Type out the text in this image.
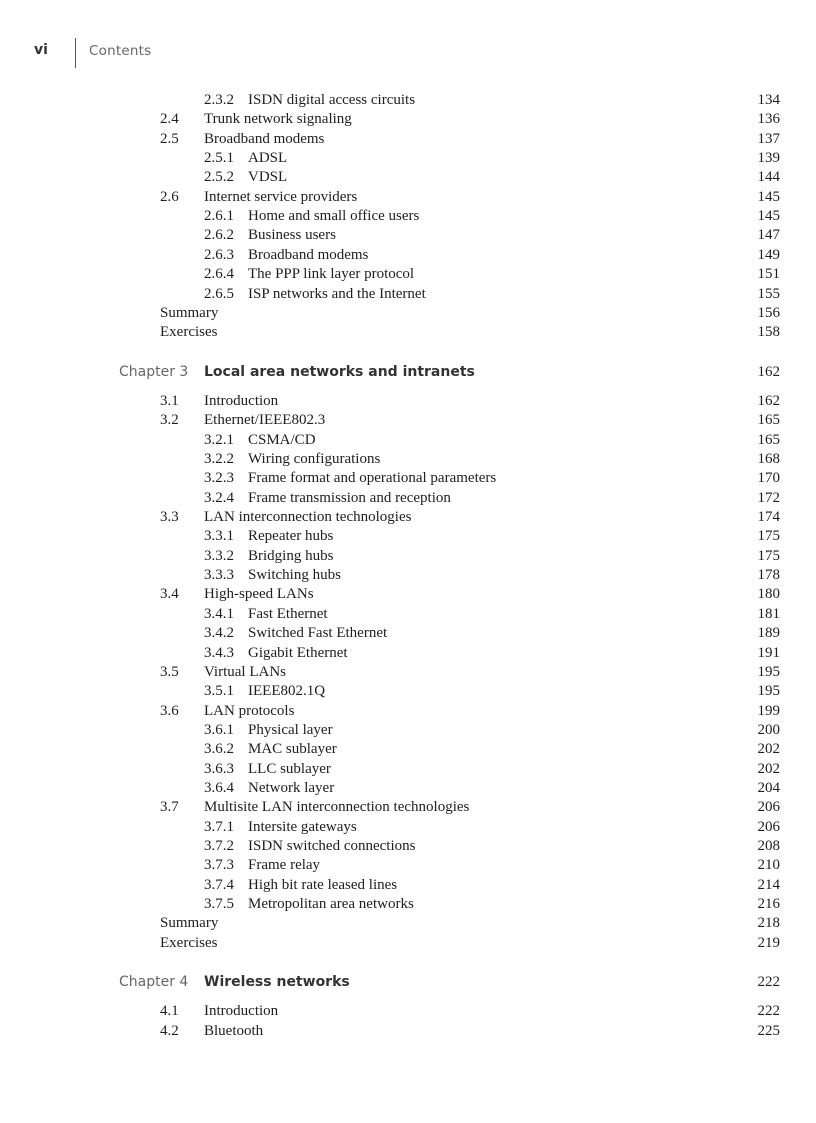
vi	Contents
2.3.2 ISDN digital access circuits	134
2.4 Trunk network signaling	136
2.5 Broadband modems	137
2.5.1 ADSL	139
2.5.2 VDSL	144
2.6 Internet service providers	145
2.6.1 Home and small office users	145
2.6.2 Business users	147
2.6.3 Broadband modems	149
2.6.4 The PPP link layer protocol	151
2.6.5 ISP networks and the Internet	155
Summary	156
Exercises	158
Chapter 3 Local area networks and intranets	162
3.1 Introduction	162
3.2 Ethernet/IEEE802.3	165
3.2.1 CSMA/CD	165
3.2.2 Wiring configurations	168
3.2.3 Frame format and operational parameters	170
3.2.4 Frame transmission and reception	172
3.3 LAN interconnection technologies	174
3.3.1 Repeater hubs	175
3.3.2 Bridging hubs	175
3.3.3 Switching hubs	178
3.4 High-speed LANs	180
3.4.1 Fast Ethernet	181
3.4.2 Switched Fast Ethernet	189
3.4.3 Gigabit Ethernet	191
3.5 Virtual LANs	195
3.5.1 IEEE802.1Q	195
3.6 LAN protocols	199
3.6.1 Physical layer	200
3.6.2 MAC sublayer	202
3.6.3 LLC sublayer	202
3.6.4 Network layer	204
3.7 Multisite LAN interconnection technologies	206
3.7.1 Intersite gateways	206
3.7.2 ISDN switched connections	208
3.7.3 Frame relay	210
3.7.4 High bit rate leased lines	214
3.7.5 Metropolitan area networks	216
Summary	218
Exercises	219
Chapter 4 Wireless networks	222
4.1 Introduction	222
4.2 Bluetooth	225
